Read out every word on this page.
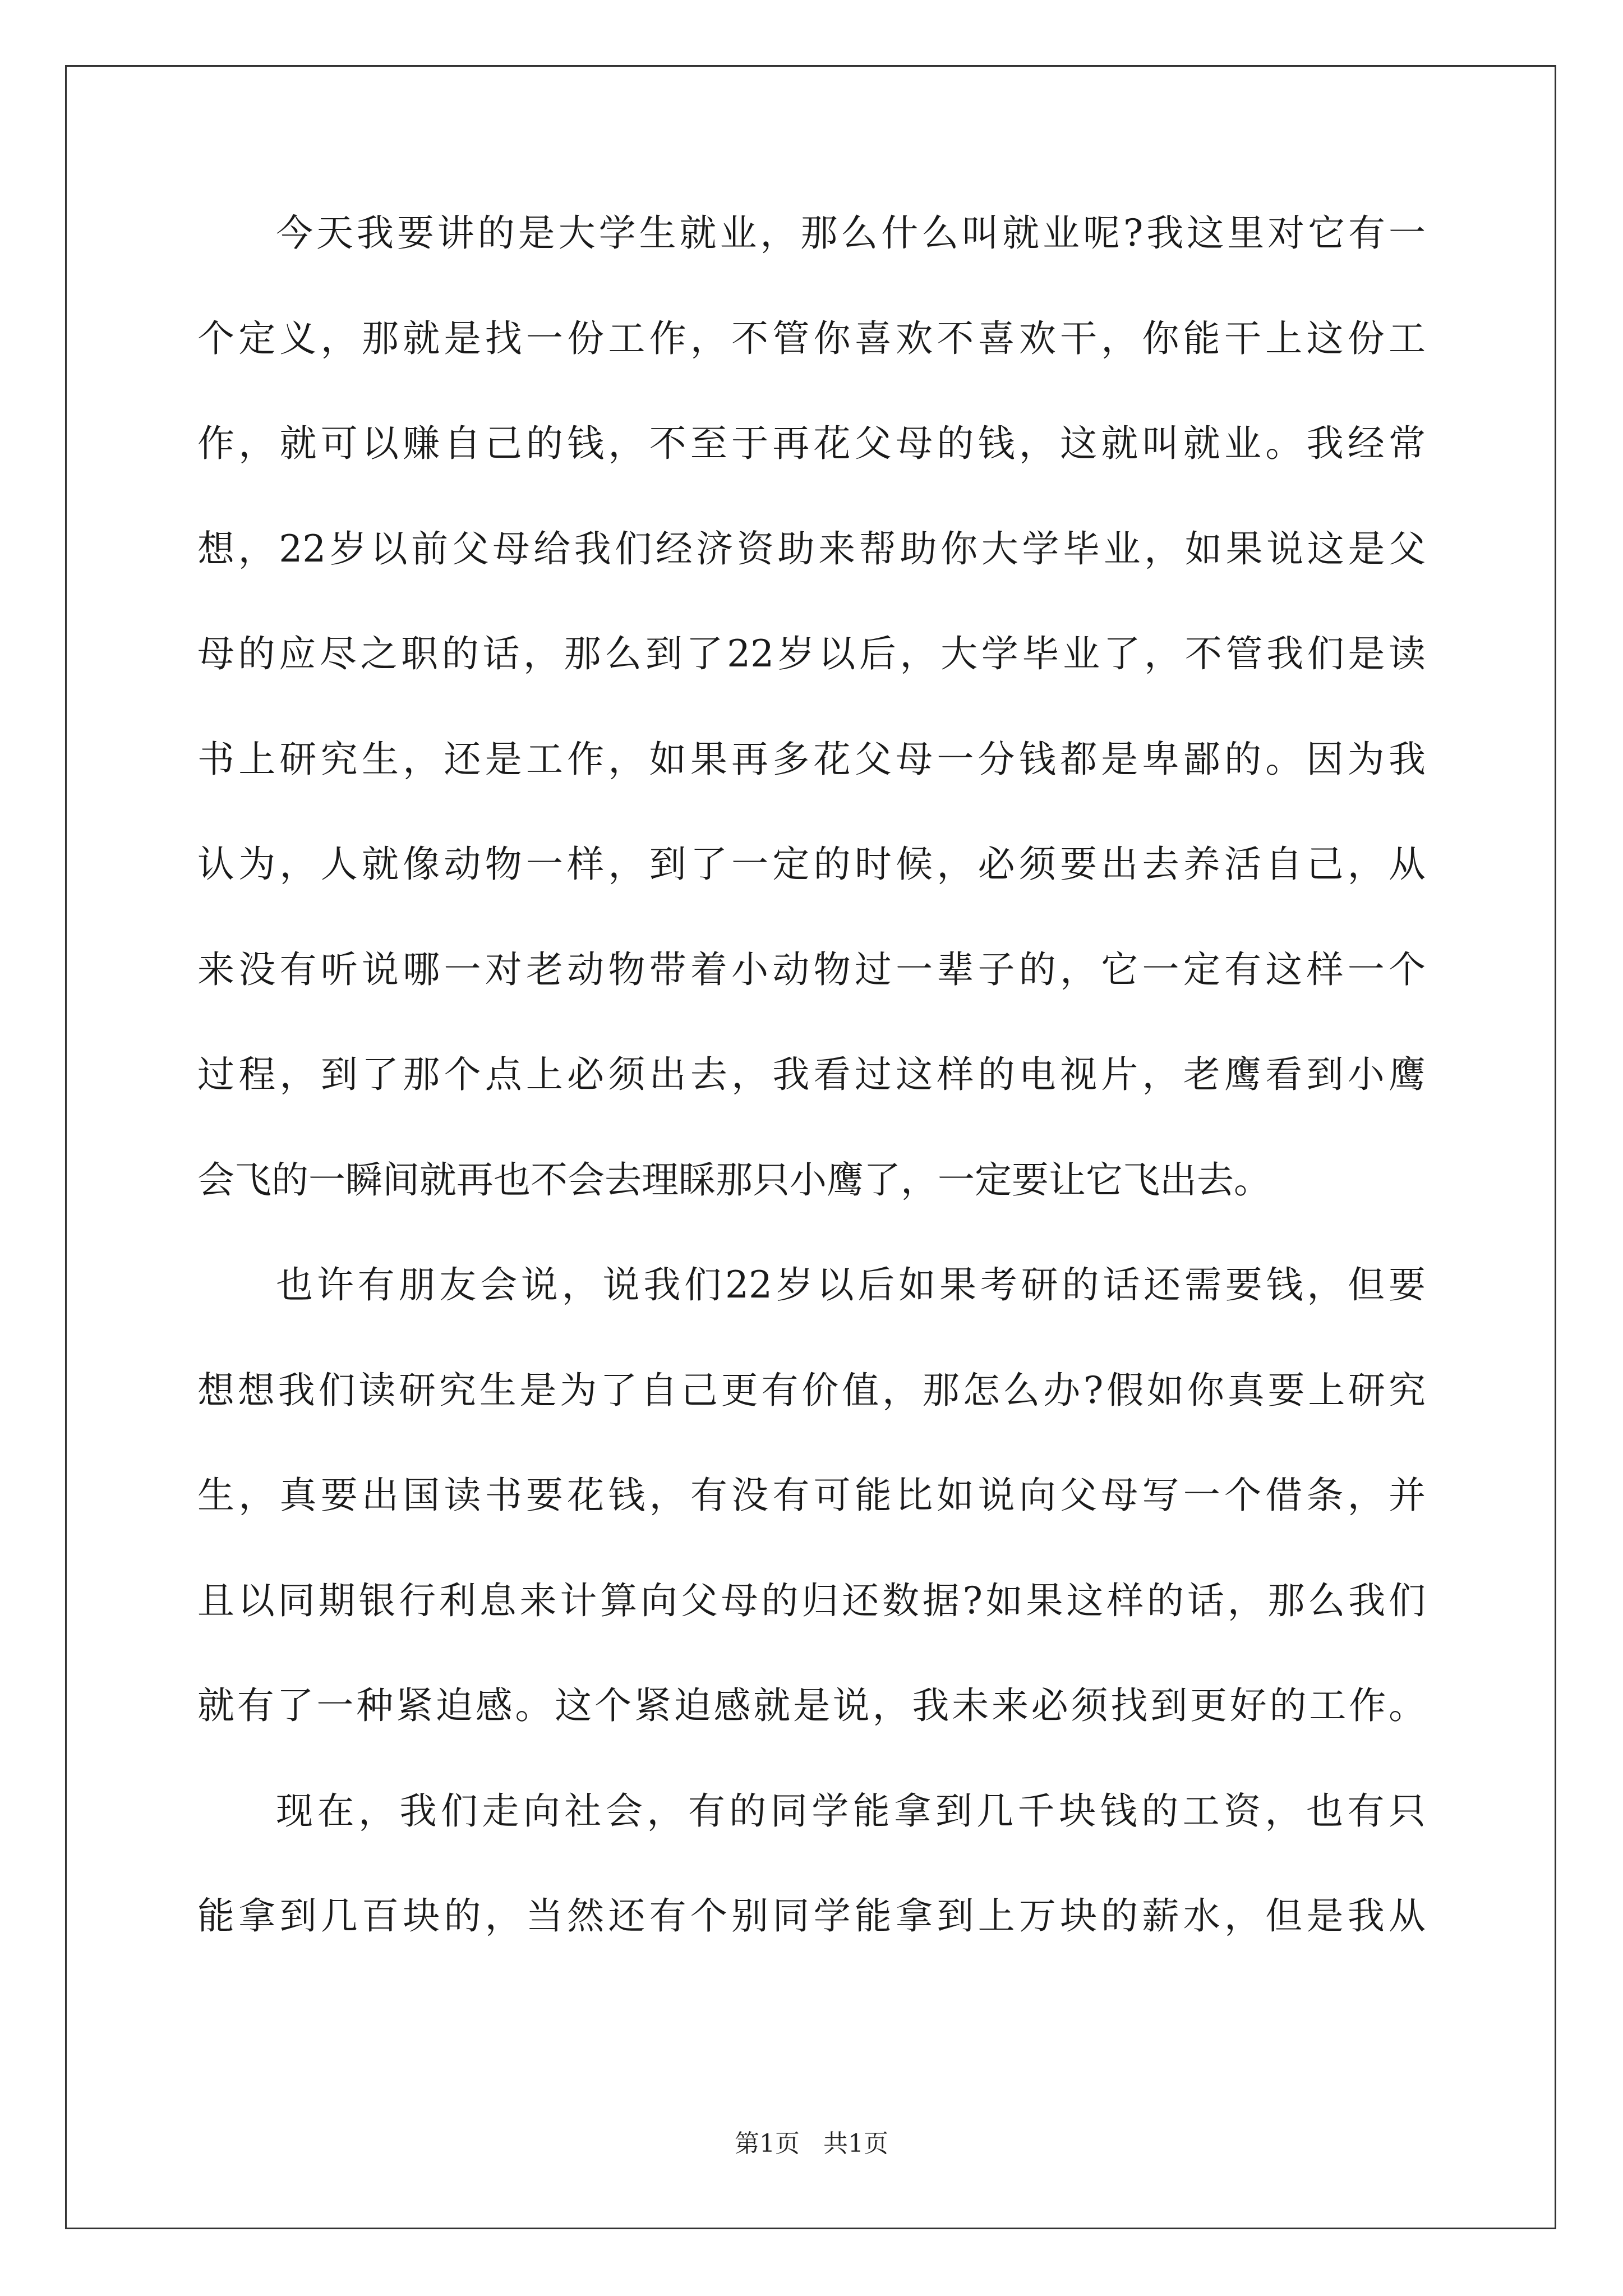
今天我要讲的是大学生就业，那么什么叫就业呢?我这里对它有一
个定义，那就是找一份工作，不管你喜欢不喜欢干，你能干上这份工
作，就可以赚自己的钱，不至于再花父母的钱，这就叫就业。我经常
想，22岁以前父母给我们经济资助来帮助你大学毕业，如果说这是父
母的应尽之职的话，那么到了22岁以后，大学毕业了，不管我们是读
书上研究生，还是工作，如果再多花父母一分钱都是卑鄙的。因为我
认为，人就像动物一样，到了一定的时候，必须要出去养活自己，从
来没有听说哪一对老动物带着小动物过一辈子的，它一定有这样一个
过程，到了那个点上必须出去，我看过这样的电视片，老鹰看到小鹰
会飞的一瞬间就再也不会去理睬那只小鹰了，一定要让它飞出去。
也许有朋友会说，说我们22岁以后如果考研的话还需要钱，但要
想想我们读研究生是为了自己更有价值，那怎么办?假如你真要上研究
生，真要出国读书要花钱，有没有可能比如说向父母写一个借条，并
且以同期银行利息来计算向父母的归还数据?如果这样的话，那么我们
就有了一种紧迫感。这个紧迫感就是说，我未来必须找到更好的工作。
现在，我们走向社会，有的同学能拿到几千块钱的工资，也有只
能拿到几百块的，当然还有个别同学能拿到上万块的薪水，但是我从
第1页 共1页
